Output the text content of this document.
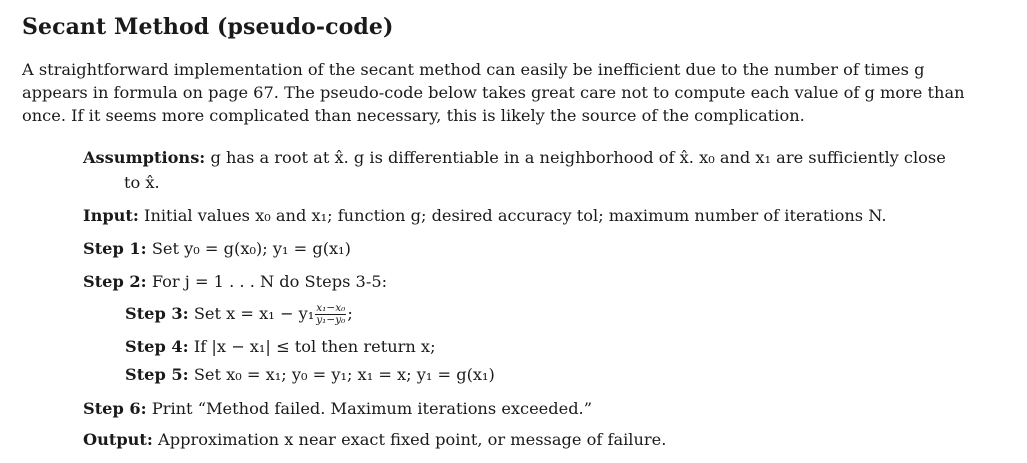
Secant Method (pseudo-code)
A straightforward implementation of the secant method can easily be inefficient due to the number of times g
appears in formula on page 67. The pseudo-code below takes great care not to compute each value of g more than
once. If it seems more complicated than necessary, this is likely the source of the complication.
Assumptions: g has a root at x̂. g is differentiable in a neighborhood of x̂. x₀ and x₁ are sufficiently close
to x̂.
Input: Initial values x₀ and x₁; function g; desired accuracy tol; maximum number of iterations N.
Step 1: Set y₀ = g(x₀); y₁ = g(x₁)
Step 2: For j = 1 . . . N do Steps 3-5:
Step 3: Set $x = x_1 - y_1 \frac{\text{x₁−x₀}}{\text{y₁−y₀}}$ ;
Step 4: If |x − x₁| ≤ tol then return x;
Step 5: Set x₀ = x₁; y₀ = y₁; x₁ = x; y₁ = g(x₁)
Step 6: Print “Method failed. Maximum iterations exceeded.”
Output: Approximation x near exact fixed point, or message of failure.
